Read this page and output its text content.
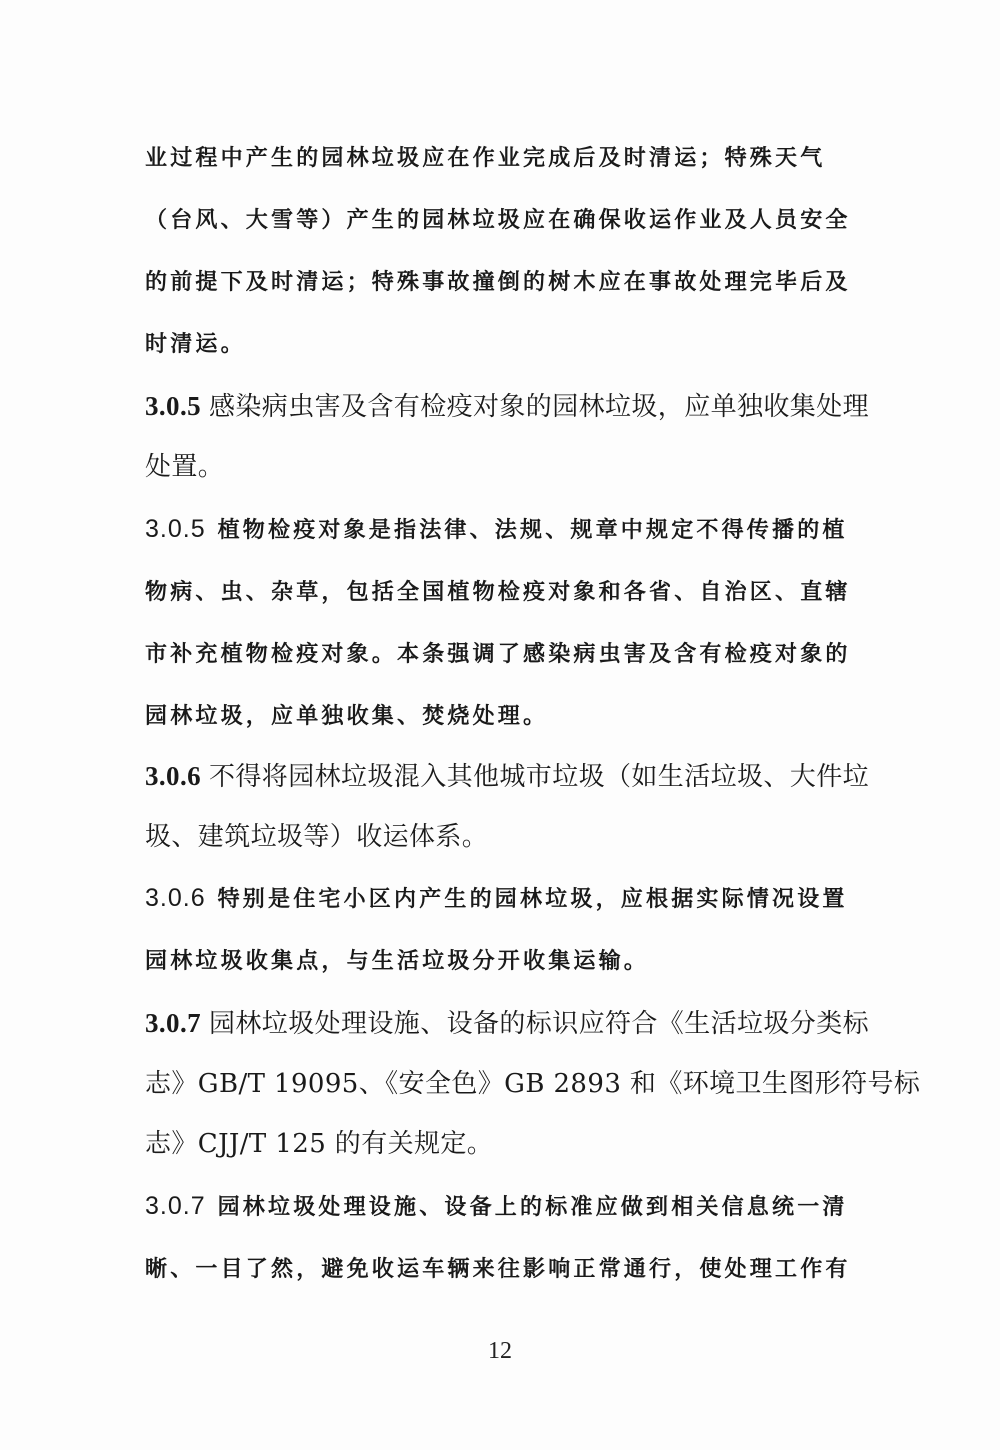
业过程中产生的园林垃圾应在作业完成后及时清运；特殊天气
（台风、大雪等）产生的园林垃圾应在确保收运作业及人员安全
的前提下及时清运；特殊事故撞倒的树木应在事故处理完毕后及
时清运。
3.0.5 感染病虫害及含有检疫对象的园林垃圾，应单独收集处理
处置。
3.0.5 植物检疫对象是指法律、法规、规章中规定不得传播的植
物病、虫、杂草，包括全国植物检疫对象和各省、自治区、直辖
市补充植物检疫对象。本条强调了感染病虫害及含有检疫对象的
园林垃圾，应单独收集、焚烧处理。
3.0.6 不得将园林垃圾混入其他城市垃圾（如生活垃圾、大件垃
圾、建筑垃圾等）收运体系。
3.0.6 特别是住宅小区内产生的园林垃圾，应根据实际情况设置
园林垃圾收集点，与生活垃圾分开收集运输。
3.0.7 园林垃圾处理设施、设备的标识应符合《生活垃圾分类标
志》GB/T 19095、《安全色》GB 2893 和《环境卫生图形符号标
志》CJJ/T 125 的有关规定。
3.0.7 园林垃圾处理设施、设备上的标准应做到相关信息统一清
晰、一目了然，避免收运车辆来往影响正常通行，使处理工作有
12
